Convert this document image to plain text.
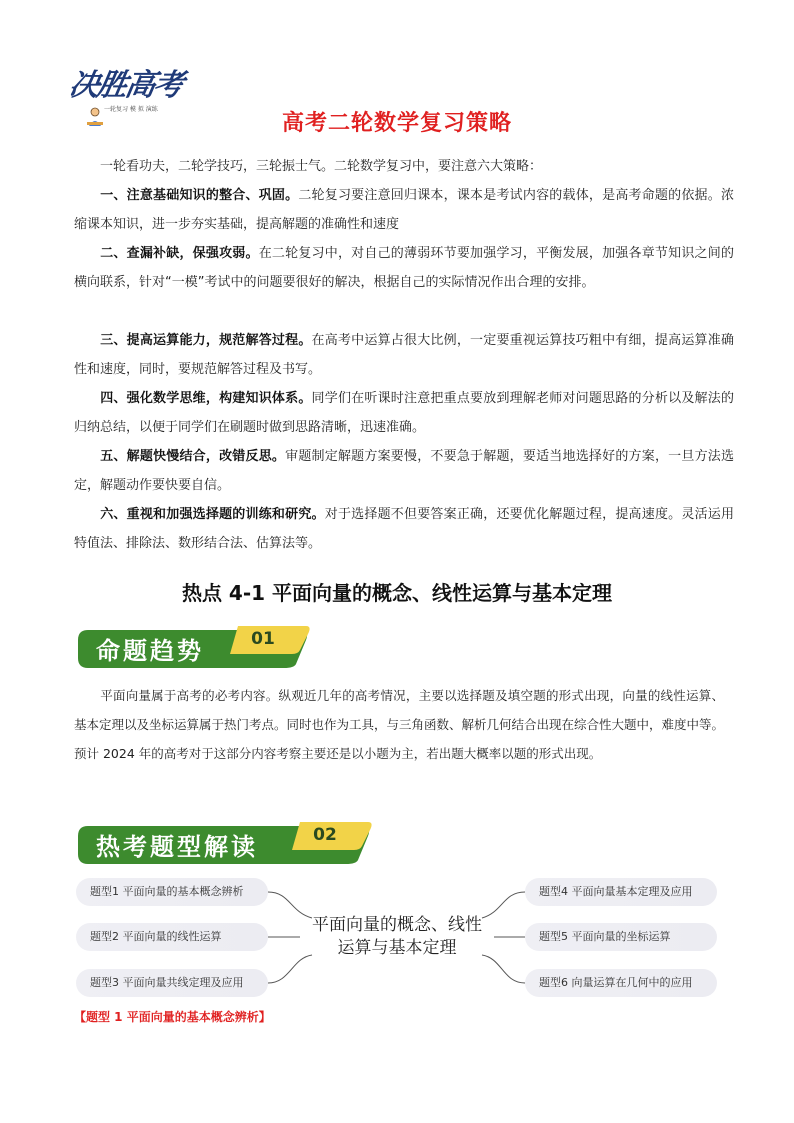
决胜高考
一轮复习 模 拟 演练
高考二轮数学复习策略

一轮看功夫，二轮学技巧，三轮振士气。二轮数学复习中，要注意六大策略：

一、注意基础知识的整合、巩固。二轮复习要注意回归课本，课本是考试内容的载体，是高考命题的依据。浓缩课本知识，进一步夯实基础，提高解题的准确性和速度

二、查漏补缺，保强攻弱。在二轮复习中，对自己的薄弱环节要加强学习，平衡发展，加强各章节知识之间的横向联系，针对“一模”考试中的问题要很好的解决，根据自己的实际情况作出合理的安排。

三、提高运算能力，规范解答过程。在高考中运算占很大比例，一定要重视运算技巧粗中有细，提高运算准确性和速度，同时，要规范解答过程及书写。

四、强化数学思维，构建知识体系。同学们在听课时注意把重点要放到理解老师对问题思路的分析以及解法的归纳总结，以便于同学们在刷题时做到思路清晰，迅速准确。

五、解题快慢结合，改错反思。审题制定解题方案要慢，不要急于解题，要适当地选择好的方案，一旦方法选定，解题动作要快要自信。

六、重视和加强选择题的训练和研究。对于选择题不但要答案正确，还要优化解题过程，提高速度。灵活运用特值法、排除法、数形结合法、估算法等。

热点 4-1 平面向量的概念、线性运算与基本定理
命题趋势	01

平面向量属于高考的必考内容。纵观近几年的高考情况，主要以选择题及填空题的形式出现，向量的线性运算、基本定理以及坐标运算属于热门考点。同时也作为工具，与三角函数、解析几何结合出现在综合性大题中，难度中等。预计 2024 年的高考对于这部分内容考察主要还是以小题为主，若出题大概率以题的形式出现。

热考题型解读	02
题型1 平面向量的基本概念辨析
题型2 平面向量的线性运算
题型3 平面向量共线定理及应用
平面向量的概念、线性运算与基本定理
题型4 平面向量基本定理及应用
题型5 平面向量的坐标运算
题型6 向量运算在几何中的应用
【题型 1 平面向量的基本概念辨析】
